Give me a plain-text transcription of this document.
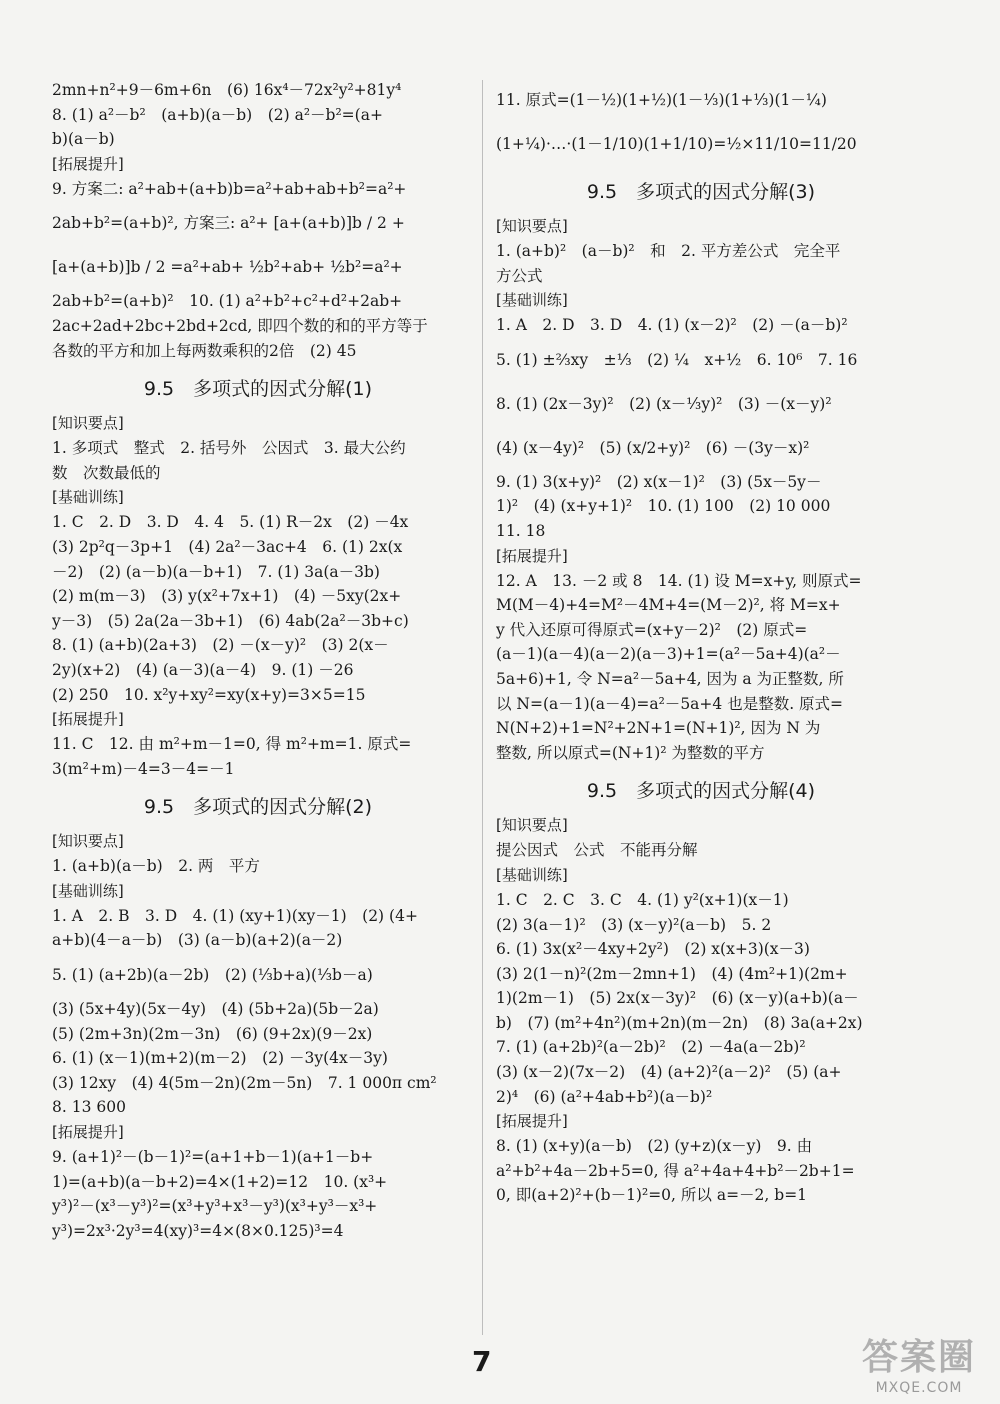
2mn+n²+9－6m+6n　(6) 16x⁴－72x²y²+81y⁴
8. (1) a²－b²　(a+b)(a－b)　(2) a²－b²=(a+
b)(a－b)
[拓展提升]
9. 方案二: a²+ab+(a+b)b=a²+ab+ab+b²=a²+
2ab+b²=(a+b)², 方案三: a²+ [a+(a+b)]b / 2 +
[a+(a+b)]b / 2 =a²+ab+ ½b²+ab+ ½b²=a²+
2ab+b²=(a+b)²　10. (1) a²+b²+c²+d²+2ab+
2ac+2ad+2bc+2bd+2cd, 即四个数的和的平方等于
各数的平方和加上每两数乘积的2倍　(2) 45
9.5　多项式的因式分解(1)
[知识要点]
1. 多项式　整式　2. 括号外　公因式　3. 最大公约
数　次数最低的
[基础训练]
1. C　2. D　3. D　4. 4　5. (1) R－2x　(2) －4x
(3) 2p²q－3p+1　(4) 2a²－3ac+4　6. (1) 2x(x
－2)　(2) (a－b)(a－b+1)　7. (1) 3a(a－3b)
(2) m(m－3)　(3) y(x²+7x+1)　(4) －5xy(2x+
y－3)　(5) 2a(2a－3b+1)　(6) 4ab(2a²－3b+c)
8. (1) (a+b)(2a+3)　(2) －(x－y)²　(3) 2(x－
2y)(x+2)　(4) (a－3)(a－4)　9. (1) －26
(2) 250　10. x²y+xy²=xy(x+y)=3×5=15
[拓展提升]
11. C　12. 由 m²+m－1=0, 得 m²+m=1. 原式=
3(m²+m)－4=3－4=－1
9.5　多项式的因式分解(2)
[知识要点]
1. (a+b)(a－b)　2. 两　平方
[基础训练]
1. A　2. B　3. D　4. (1) (xy+1)(xy－1)　(2) (4+
a+b)(4－a－b)　(3) (a－b)(a+2)(a－2)
5. (1) (a+2b)(a－2b)　(2) (⅓b+a)(⅓b－a)
(3) (5x+4y)(5x－4y)　(4) (5b+2a)(5b－2a)
(5) (2m+3n)(2m－3n)　(6) (9+2x)(9－2x)
6. (1) (x－1)(m+2)(m－2)　(2) －3y(4x－3y)
(3) 12xy　(4) 4(5m－2n)(2m－5n)　7. 1 000π cm²
8. 13 600
[拓展提升]
9. (a+1)²－(b－1)²=(a+1+b－1)(a+1－b+
1)=(a+b)(a－b+2)=4×(1+2)=12　10. (x³+
y³)²－(x³－y³)²=(x³+y³+x³－y³)(x³+y³－x³+
y³)=2x³·2y³=4(xy)³=4×(8×0.125)³=4
11. 原式=(1－½)(1+½)(1－⅓)(1+⅓)(1－¼)
(1+¼)·…·(1－1/10)(1+1/10)=½×11/10=11/20
9.5　多项式的因式分解(3)
[知识要点]
1. (a+b)²　(a－b)²　和　2. 平方差公式　完全平
方公式
[基础训练]
1. A　2. D　3. D　4. (1) (x－2)²　(2) －(a－b)²
5. (1) ±⅔xy　±⅓　(2) ¼　x+½　6. 10⁶　7. 16
8. (1) (2x－3y)²　(2) (x－⅓y)²　(3) －(x－y)²
(4) (x－4y)²　(5) (x/2+y)²　(6) －(3y－x)²
9. (1) 3(x+y)²　(2) x(x－1)²　(3) (5x－5y－
1)²　(4) (x+y+1)²　10. (1) 100　(2) 10 000
11. 18
[拓展提升]
12. A　13. －2 或 8　14. (1) 设 M=x+y, 则原式=
M(M－4)+4=M²－4M+4=(M－2)², 将 M=x+
y 代入还原可得原式=(x+y－2)²　(2) 原式=
(a－1)(a－4)(a－2)(a－3)+1=(a²－5a+4)(a²－
5a+6)+1, 令 N=a²－5a+4, 因为 a 为正整数, 所
以 N=(a－1)(a－4)=a²－5a+4 也是整数. 原式=
N(N+2)+1=N²+2N+1=(N+1)², 因为 N 为
整数, 所以原式=(N+1)² 为整数的平方
9.5　多项式的因式分解(4)
[知识要点]
提公因式　公式　不能再分解
[基础训练]
1. C　2. C　3. C　4. (1) y²(x+1)(x－1)
(2) 3(a－1)²　(3) (x－y)²(a－b)　5. 2
6. (1) 3x(x²－4xy+2y²)　(2) x(x+3)(x－3)
(3) 2(1－n)²(2m－2mn+1)　(4) (4m²+1)(2m+
1)(2m－1)　(5) 2x(x－3y)²　(6) (x－y)(a+b)(a－
b)　(7) (m²+4n²)(m+2n)(m－2n)　(8) 3a(a+2x)
7. (1) (a+2b)²(a－2b)²　(2) －4a(a－2b)²
(3) (x－2)(7x－2)　(4) (a+2)²(a－2)²　(5) (a+
2)⁴　(6) (a²+4ab+b²)(a－b)²
[拓展提升]
8. (1) (x+y)(a－b)　(2) (y+z)(x－y)　9. 由
a²+b²+4a－2b+5=0, 得 a²+4a+4+b²－2b+1=
0, 即(a+2)²+(b－1)²=0, 所以 a=－2, b=1
7	答案圈
MXQE.COM
